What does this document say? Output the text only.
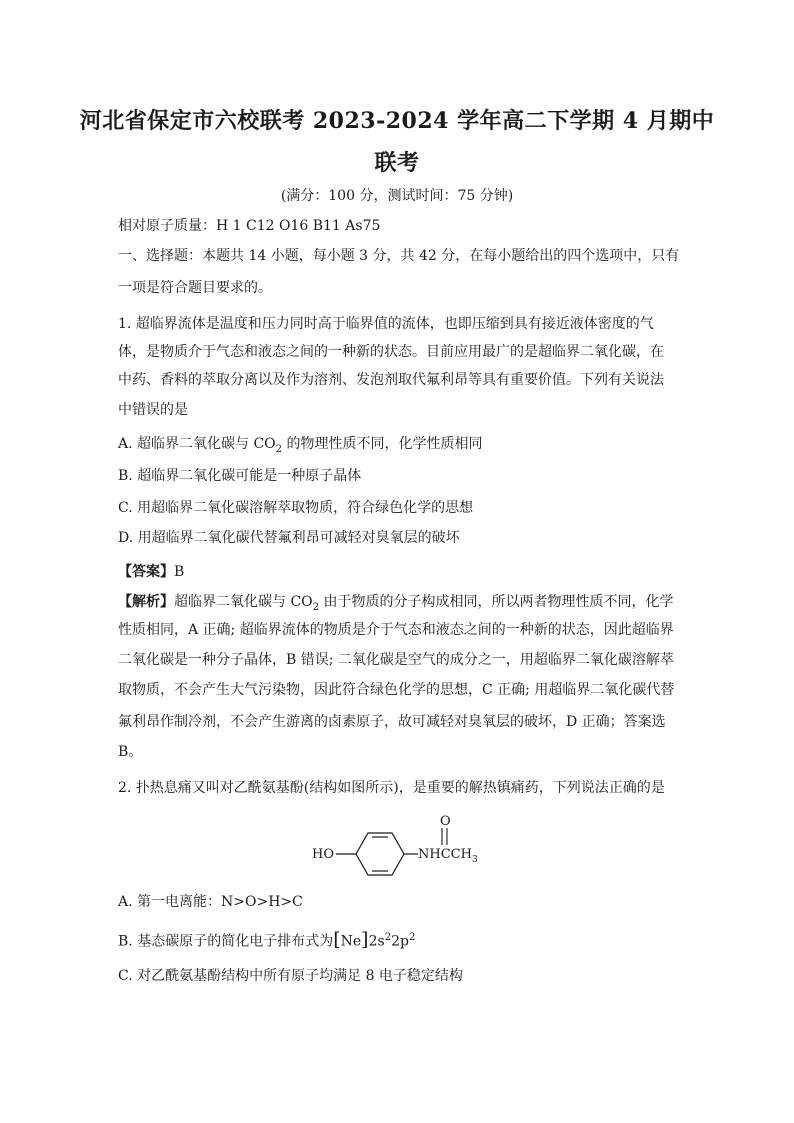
河北省保定市六校联考 2023-2024 学年高二下学期 4 月期中
联考
(满分：100 分，测试时间：75 分钟)
相对原子质量：H 1 C12 O16 B11 As75
一、选择题：本题共 14 小题，每小题 3 分，共 42 分，在每小题给出的四个选项中，只有
一项是符合题目要求的。
1. 超临界流体是温度和压力同时高于临界值的流体，也即压缩到具有接近液体密度的气
体，是物质介于气态和液态之间的一种新的状态。目前应用最广的是超临界二氧化碳，在
中药、香料的萃取分离以及作为溶剂、发泡剂取代氟利昂等具有重要价值。下列有关说法
中错误的是
A. 超临界二氧化碳与 $CO_2$ 的物理性质不同，化学性质相同
B. 超临界二氧化碳可能是一种原子晶体
C. 用超临界二氧化碳溶解萃取物质，符合绿色化学的思想
D. 用超临界二氧化碳代替氟利昂可减轻对臭氧层的破坏
【答案】B
【解析】超临界二氧化碳与 $CO_2$ 由于物质的分子构成相同，所以两者物理性质不同，化学
性质相同，A 正确; 超临界流体的物质是介于气态和液态之间的一种新的状态，因此超临界
二氧化碳是一种分子晶体，B 错误; 二氧化碳是空气的成分之一，用超临界二氧化碳溶解萃
取物质，不会产生大气污染物，因此符合绿色化学的思想，C 正确; 用超临界二氧化碳代替
氟利昂作制冷剂，不会产生游离的卤素原子，故可减轻对臭氧层的破坏，D 正确；答案选
B。
2. 扑热息痛又叫对乙酰氨基酚(结构如图所示)，是重要的解热镇痛药，下列说法正确的是
HO	$NHCCH_3$
O
A. 第一电离能：N>O>H>C
B. 基态碳原子的简化电子排布式为$[Ne]2s^22p^2$
C. 对乙酰氨基酚结构中所有原子均满足 8 电子稳定结构
